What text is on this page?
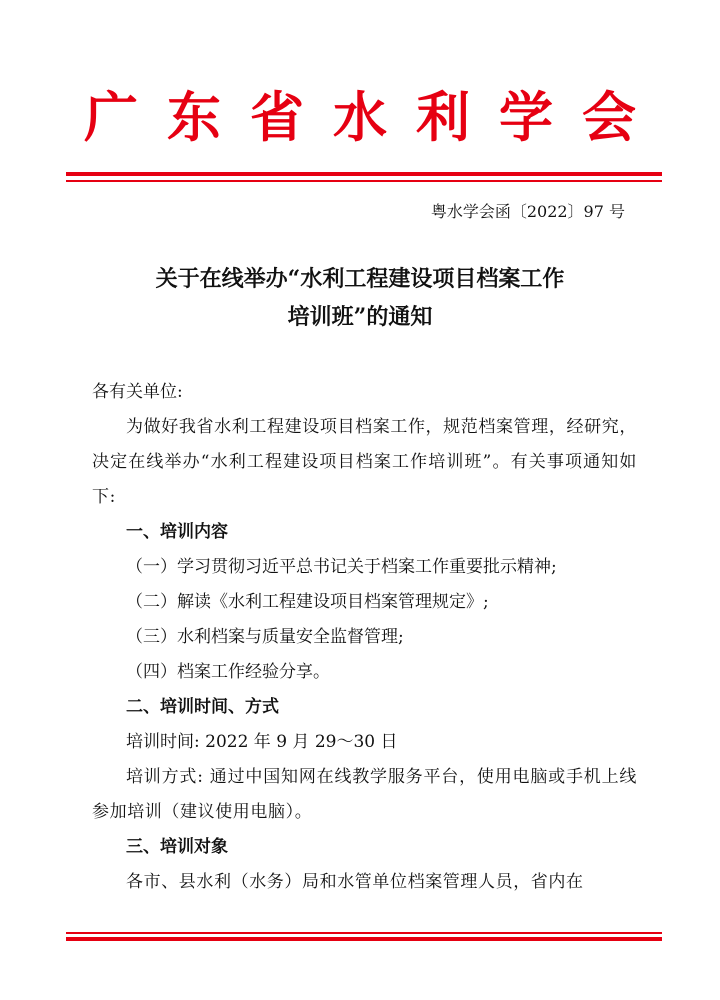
广东省水利学会
粤水学会函〔2022〕97 号
关于在线举办“水利工程建设项目档案工作
培训班”的通知
各有关单位:
为做好我省水利工程建设项目档案工作，规范档案管理，经研究，决定在线举办“水利工程建设项目档案工作培训班”。有关事项通知如下:
一、培训内容
（一）学习贯彻习近平总书记关于档案工作重要批示精神;
（二）解读《水利工程建设项目档案管理规定》;
（三）水利档案与质量安全监督管理;
（四）档案工作经验分享。
二、培训时间、方式
培训时间: 2022 年 9 月 29～30 日
培训方式: 通过中国知网在线教学服务平台，使用电脑或手机上线参加培训（建议使用电脑）。
三、培训对象
各市、县水利（水务）局和水管单位档案管理人员，省内在
